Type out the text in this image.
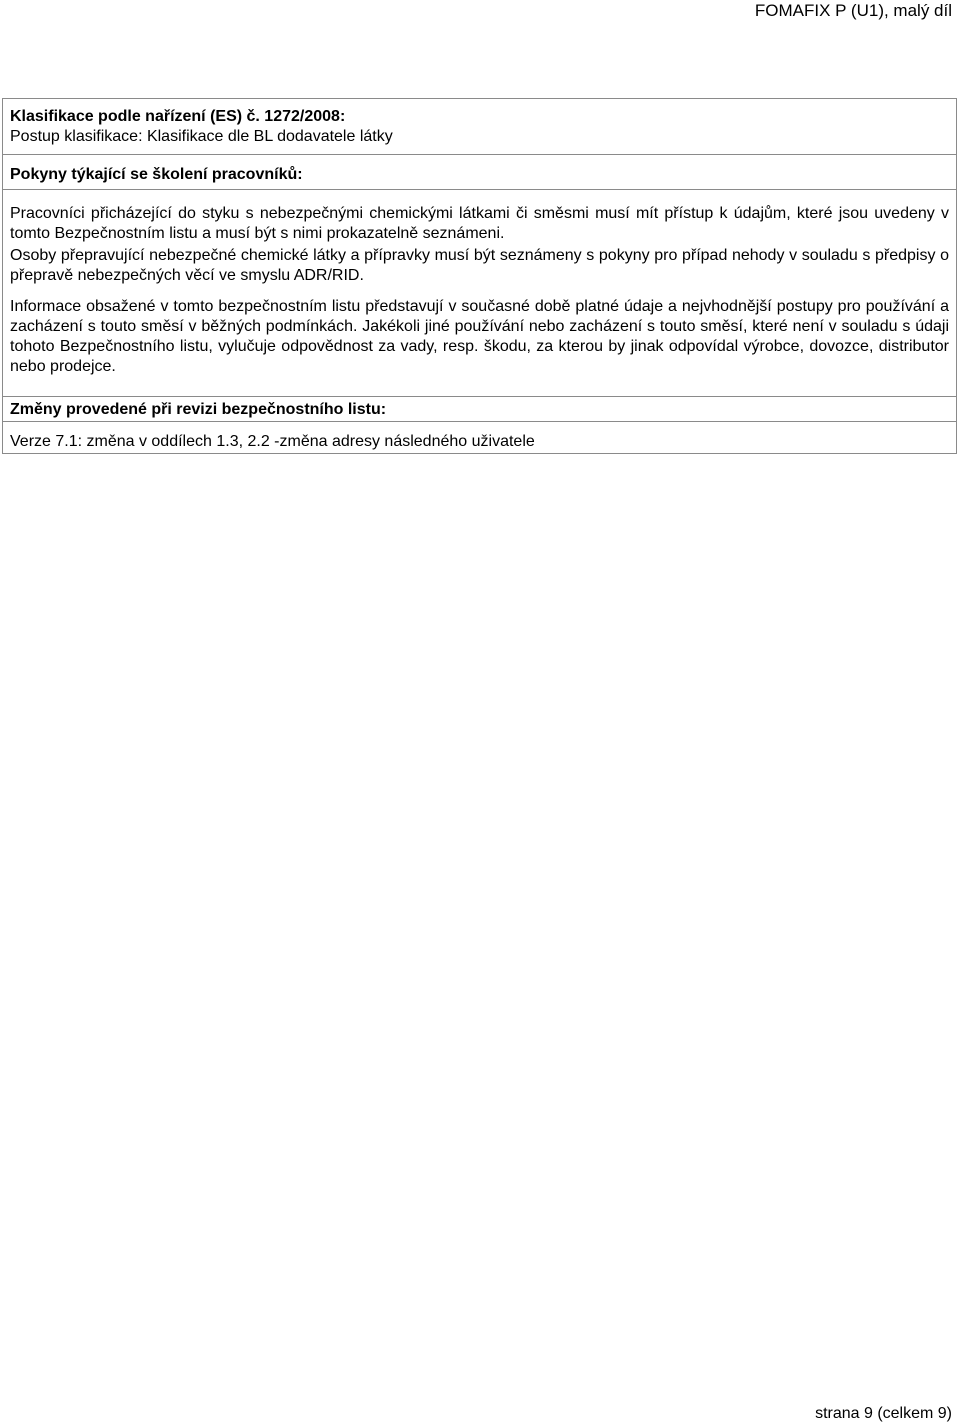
FOMAFIX P (U1), malý díl

Klasifikace podle nařízení (ES) č. 1272/2008:

Postup klasifikace: Klasifikace dle BL dodavatele látky

Pokyny týkající se školení pracovníků:

Pracovníci přicházející do styku s nebezpečnými chemickými látkami či směsmi musí mít přístup k údajům, které jsou uvedeny v tomto Bezpečnostním listu a musí být s nimi prokazatelně seznámeni.

Osoby přepravující nebezpečné chemické látky a přípravky musí být seznámeny s pokyny pro případ nehody v souladu s předpisy o přepravě nebezpečných věcí ve smyslu ADR/RID.

Informace obsažené v tomto bezpečnostním listu představují v současné době platné údaje a nejvhodnější postupy pro používání a zacházení s touto směsí v běžných podmínkách. Jakékoli jiné používání nebo zacházení s touto směsí, které není v souladu s údaji tohoto Bezpečnostního listu, vylučuje odpovědnost za vady, resp. škodu, za kterou by jinak odpovídal výrobce, dovozce, distributor nebo prodejce.

Změny provedené při revizi bezpečnostního listu:
Verze 7.1: změna v oddílech 1.3, 2.2 -změna adresy následného uživatele
strana 9 (celkem 9)
